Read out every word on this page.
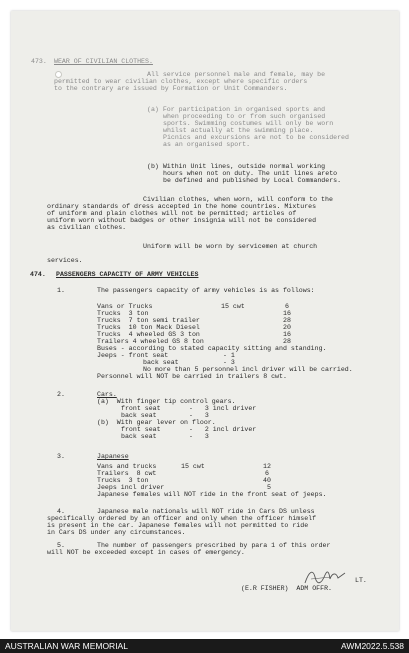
473. WEAR OF CIVILIAN CLOTHES.
All service personnel male and female, may be
permitted to wear civilian clothes, except where specific orders
to the contrary are issued by Formation or Unit Commanders.
(a) For participation in organised sports and
when proceeding to or from such organised
sports. Swimming costumes will only be worn
whilst actually at the swimming place.
Picnics and excursions are not to be considered
as an organised sport.
(b) Within Unit lines, outside normal working
hours when not on duty. The unit lines areto
be defined and published by Local Commanders.
Civilian clothes, when worn, will conform to the
ordinary standards of dress accepted in the home countries. Mixtures
of uniform and plain clothes will not be permitted; articles of
uniform worn without badges or other insignia will not be considered
as civilian clothes.
Uniform will be worn by servicemen at church
services.
474. PASSENGERS CAPACITY OF ARMY VEHICLES
1.	The passengers capacity of army vehicles is as follows:
Vans or Trucks	15 cwt	6
Trucks  3 ton	16
Trucks  7 ton semi trailer	28
Trucks  10 ton Mack Diesel	20
Trucks  4 wheeled GS 3 ton	16
Trailers 4 wheeled GS 8 ton	28
Buses - according to stated capacity sitting and standing.
Jeeps - front seat	- 1
back seat	- 3
No more than 5 personnel incl driver will be carried.
Personnel will NOT be carried in trailers 8 cwt.
2.	Cars.
(a)  With finger tip control gears.
front seat	-   3 incl driver
back seat	-   3
(b)  With gear lever on floor.
front seat	-   2 incl driver
back seat	-   3
3.	Japanese
Vans and trucks	15 cwt	12
Trailers  8 cwt	6
Trucks  3 ton	40
Jeeps incl driver	5
Japanese females will NOT ride in the front seat of jeeps.
4.	Japanese male nationals will NOT ride in Cars DS unless
specifically ordered by an officer and only when the officer himself
is present in the car. Japanese females will not permitted to ride
in Cars DS under any circumstances.
5.	The number of passengers prescribed by para 1 of this order
will NOT be exceeded except in cases of emergency.
LT.
(E.R FISHER)  ADM OFFR.
AUSTRALIAN WAR MEMORIAL	AWM2022.5.538
